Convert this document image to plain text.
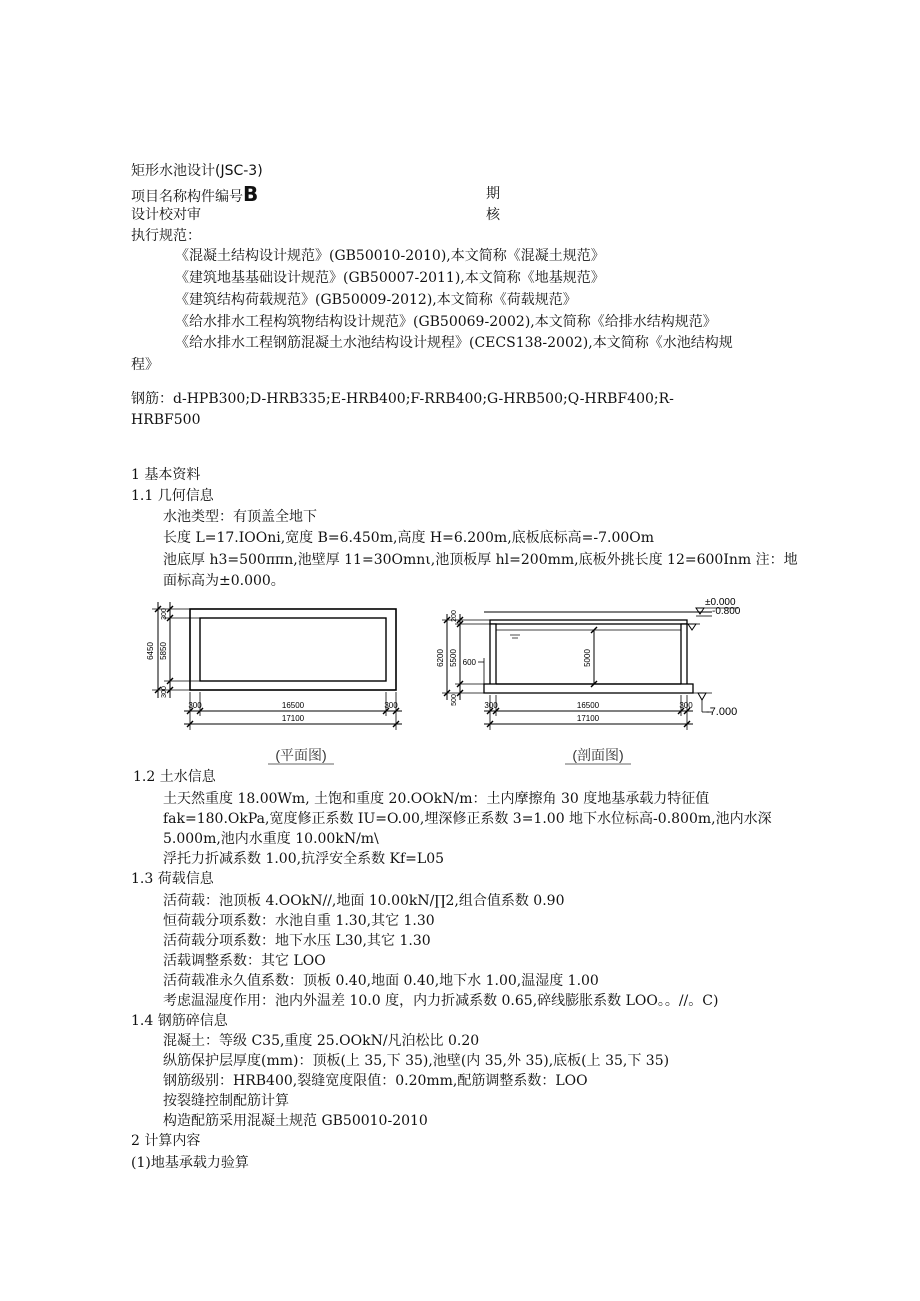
矩形水池设计(JSC-3)
项目名称构件编号B	期
设计校对审	核
执行规范：
《混凝土结构设计规范》(GB50010-2010),本文简称《混凝土规范》
《建筑地基基础设计规范》(GB50007-2011),本文简称《地基规范》
《建筑结构荷载规范》(GB50009-2012),本文简称《荷载规范》
《给水排水工程构筑物结构设计规范》(GB50069-2002),本文简称《给排水结构规范》
《给水排水工程钢筋混凝土水池结构设计规程》(CECS138-2002),本文简称《水池结构规
程》
钢筋：d-HPB300;D-HRB335;E-HRB400;F-RRB400;G-HRB500;Q-HRBF400;R-
HRBF500
1 基本资料
1.1 几何信息
水池类型：有顶盖全地下
长度 L=17.IOOni,宽度 B=6.450m,高度 H=6.200m,底板底标高=-7.00Om
池底厚 h3=500ππn,池壁厚 11=30Omnι,池顶板厚 hl=200mm,底板外挑长度 12=600Inm 注：地
面标高为±0.000。
6450 5850
300
300
300	300
16500
17100
5000
6200 5500
200
500
600
300	300
16500
17100
±0.000
-0.800
-7.000
(平面图)	(剖面图)
1.2 土水信息
土天然重度 18.00Wm, 土饱和重度 20.OOkN/m：土内摩擦角 30 度地基承载力特征值
fak=180.OkPa,宽度修正系数 IU=O.00,埋深修正系数 3=1.00 地下水位标高-0.800m,池内水深
5.000m,池内水重度 10.00kN/m\
浮托力折减系数 1.00,抗浮安全系数 Kf=L05
1.3 荷载信息
活荷载：池顶板 4.OOkN//,地面 10.00kN∕∏2,组合值系数 0.90
恒荷载分项系数：水池自重 1.30,其它 1.30
活荷载分项系数：地下水压 L30,其它 1.30
活载调整系数：其它 LOO
活荷载准永久值系数：顶板 0.40,地面 0.40,地下水 1.00,温湿度 1.00
考虑温湿度作用：池内外温差 10.0 度，内力折减系数 0.65,碎线膨胀系数 LOO。。//。C)
1.4 钢筋碎信息
混凝土：等级 C35,重度 25.OOkN/凡泊松比 0.20
纵筋保护层厚度(mm)：顶板(上 35,下 35),池壁(内 35,外 35),底板(上 35,下 35)
钢筋级别：HRB400,裂缝宽度限值：0.20mm,配筋调整系数：LOO
按裂缝控制配筋计算
构造配筋采用混凝土规范 GB50010-2010
2 计算内容
(1)地基承载力验算
